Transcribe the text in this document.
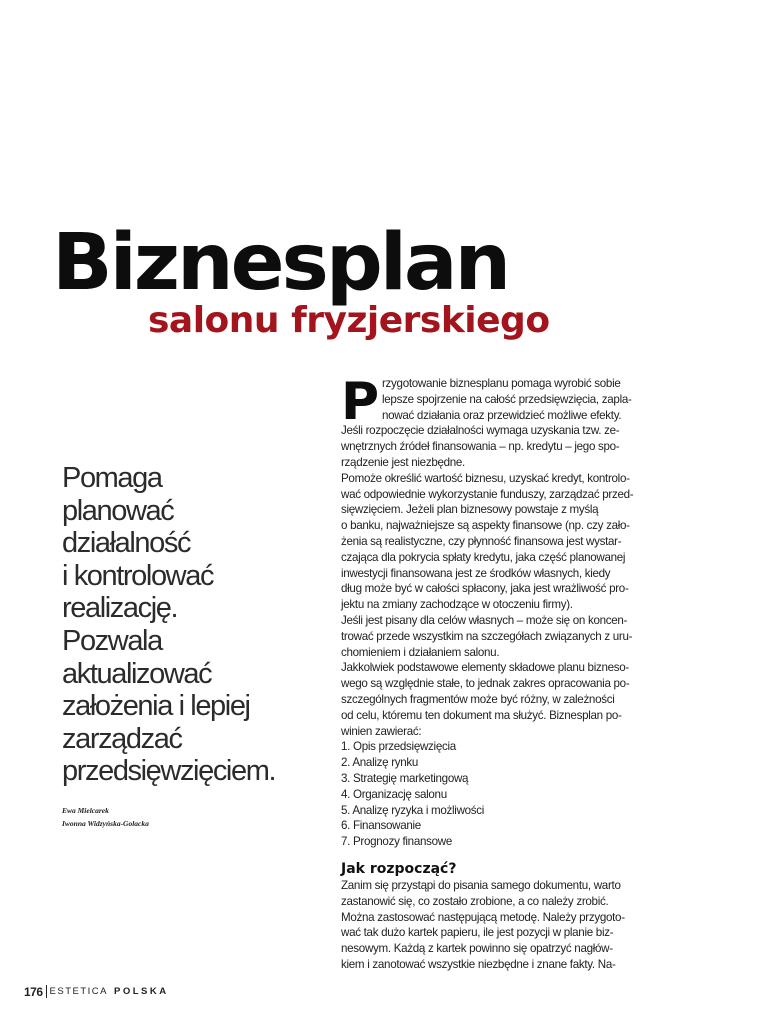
Biznesplan
salonu fryzjerskiego
Pomaga
planować
działalność
i kontrolować
realizację.
Pozwala
aktualizować
założenia i lepiej
zarządzać
przedsięwzięciem.
Ewa Mielcarek
Iwonna Widzyńska-Golacka
P rzygotowanie biznesplanu pomaga wyrobić sobie
lepsze spojrzenie na całość przedsięwzięcia, zapla-
nować działania oraz przewidzieć możliwe efekty.
Jeśli rozpoczęcie działalności wymaga uzyskania tzw. ze-
wnętrznych źródeł finansowania – np. kredytu – jego spo-
rządzenie jest niezbędne.
Pomoże określić wartość biznesu, uzyskać kredyt, kontrolo-
wać odpowiednie wykorzystanie funduszy, zarządzać przed-
sięwzięciem. Jeżeli plan biznesowy powstaje z myślą
o banku, najważniejsze są aspekty finansowe (np. czy zało-
żenia są realistyczne, czy płynność finansowa jest wystar-
czająca dla pokrycia spłaty kredytu, jaka część planowanej
inwestycji finansowana jest ze środków własnych, kiedy
dług może być w całości spłacony, jaka jest wrażliwość pro-
jektu na zmiany zachodzące w otoczeniu firmy).
Jeśli jest pisany dla celów własnych – może się on koncen-
trować przede wszystkim na szczegółach związanych z uru-
chomieniem i działaniem salonu.
Jakkolwiek podstawowe elementy składowe planu bizneso-
wego są względnie stałe, to jednak zakres opracowania po-
szczególnych fragmentów może być różny, w zależności
od celu, któremu ten dokument ma służyć. Biznesplan po-
winien zawierać:
1. Opis przedsięwzięcia
2. Analizę rynku
3. Strategię marketingową
4. Organizację salonu
5. Analizę ryzyka i możliwości
6. Finansowanie
7. Prognozy finansowe
Jak rozpocząć?
Zanim się przystąpi do pisania samego dokumentu, warto
zastanowić się, co zostało zrobione, a co należy zrobić.
Można zastosować następującą metodę. Należy przygoto-
wać tak dużo kartek papieru, ile jest pozycji w planie biz-
nesowym. Każdą z kartek powinno się opatrzyć nagłów-
kiem i zanotować wszystkie niezbędne i znane fakty. Na-
176 ESTETICA POLSKA
